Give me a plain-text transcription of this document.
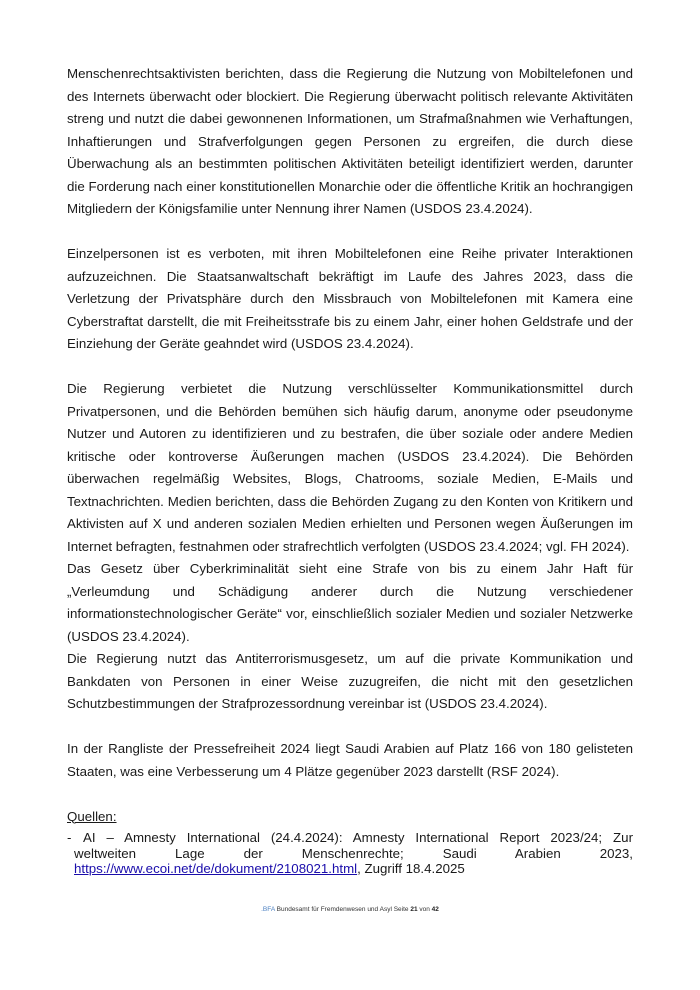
Menschenrechtsaktivisten berichten, dass die Regierung die Nutzung von Mobiltelefonen und des Internets überwacht oder blockiert. Die Regierung überwacht politisch relevante Aktivitäten streng und nutzt die dabei gewonnenen Informationen, um Strafmaßnahmen wie Verhaftungen, Inhaftierungen und Strafverfolgungen gegen Personen zu ergreifen, die durch diese Überwachung als an bestimmten politischen Aktivitäten beteiligt identifiziert werden, darunter die Forderung nach einer konstitutionellen Monarchie oder die öffentliche Kritik an hochrangigen Mitgliedern der Königsfamilie unter Nennung ihrer Namen (USDOS 23.4.2024).

Einzelpersonen ist es verboten, mit ihren Mobiltelefonen eine Reihe privater Interaktionen aufzuzeichnen. Die Staatsanwaltschaft bekräftigt im Laufe des Jahres 2023, dass die Verletzung der Privatsphäre durch den Missbrauch von Mobiltelefonen mit Kamera eine Cyberstraftat darstellt, die mit Freiheitsstrafe bis zu einem Jahr, einer hohen Geldstrafe und der Einziehung der Geräte geahndet wird (USDOS 23.4.2024).

Die Regierung verbietet die Nutzung verschlüsselter Kommunikationsmittel durch Privatpersonen, und die Behörden bemühen sich häufig darum, anonyme oder pseudonyme Nutzer und Autoren zu identifizieren und zu bestrafen, die über soziale oder andere Medien kritische oder kontroverse Äußerungen machen (USDOS 23.4.2024). Die Behörden überwachen regelmäßig Websites, Blogs, Chatrooms, soziale Medien, E-Mails und Textnachrichten. Medien berichten, dass die Behörden Zugang zu den Konten von Kritikern und Aktivisten auf X und anderen sozialen Medien erhielten und Personen wegen Äußerungen im Internet befragten, festnahmen oder strafrechtlich verfolgten (USDOS 23.4.2024; vgl. FH 2024).

Das Gesetz über Cyberkriminalität sieht eine Strafe von bis zu einem Jahr Haft für „Verleumdung und Schädigung anderer durch die Nutzung verschiedener informationstechnologischer Geräte“ vor, einschließlich sozialer Medien und sozialer Netzwerke (USDOS 23.4.2024).

Die Regierung nutzt das Antiterrorismusgesetz, um auf die private Kommunikation und Bankdaten von Personen in einer Weise zuzugreifen, die nicht mit den gesetzlichen Schutzbestimmungen der Strafprozessordnung vereinbar ist (USDOS 23.4.2024).

In der Rangliste der Pressefreiheit 2024 liegt Saudi Arabien auf Platz 166 von 180 gelisteten Staaten, was eine Verbesserung um 4 Plätze gegenüber 2023 darstellt (RSF 2024).

Quellen:

- AI – Amnesty International (24.4.2024): Amnesty International Report 2023/24; Zur weltweiten Lage der Menschenrechte; Saudi Arabien 2023, https://www.ecoi.net/de/dokument/2108021.html, Zugriff 18.4.2025

.BFA Bundesamt für Fremdenwesen und Asyl Seite 21 von 42
